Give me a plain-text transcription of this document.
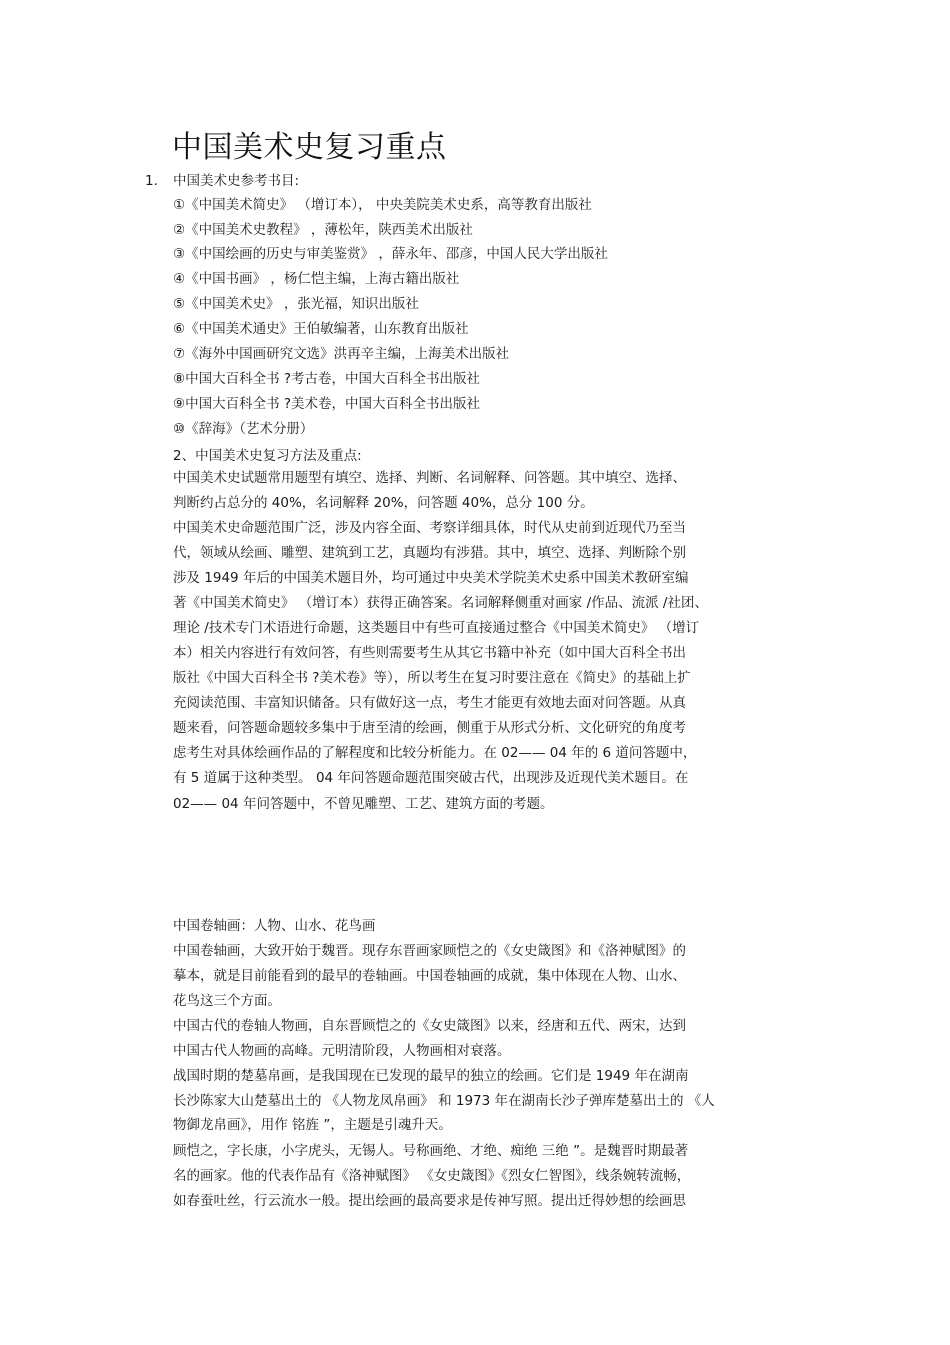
中国美术史复习重点
1. 中国美术史参考书目:
①《中国美术简史》 （增订本）， 中央美院美术史系，高等教育出版社
②《中国美术史教程》 ，薄松年，陕西美术出版社
③《中国绘画的历史与审美鉴赏》 ，薛永年、邵彦，中国人民大学出版社
④《中国书画》 ，杨仁恺主编，上海古籍出版社
⑤《中国美术史》 ，张光福，知识出版社
⑥《中国美术通史》王伯敏编著，山东教育出版社
⑦《海外中国画研究文选》洪再辛主编，上海美术出版社
⑧中国大百科全书 ?考古卷，中国大百科全书出版社
⑨中国大百科全书 ?美术卷，中国大百科全书出版社
⑩《辞海》（艺术分册）
2、中国美术史复习方法及重点:
中国美术史试题常用题型有填空、选择、判断、名词解释、问答题。其中填空、选择、
判断约占总分的 40%，名词解释 20%，问答题 40%，总分 100 分。
中国美术史命题范围广泛，涉及内容全面、考察详细具体，时代从史前到近现代乃至当
代，领域从绘画、雕塑、建筑到工艺，真题均有涉猎。其中，填空、选择、判断除个别
涉及 1949 年后的中国美术题目外，均可通过中央美术学院美术史系中国美术教研室编
著《中国美术简史》 （增订本）获得正确答案。名词解释侧重对画家 /作品、流派 /社团、
理论 /技术专门术语进行命题，这类题目中有些可直接通过整合《中国美术简史》 （增订
本）相关内容进行有效问答，有些则需要考生从其它书籍中补充（如中国大百科全书出
版社《中国大百科全书 ?美术卷》等），所以考生在复习时要注意在《简史》的基础上扩
充阅读范围、丰富知识储备。只有做好这一点，考生才能更有效地去面对问答题。从真
题来看，问答题命题较多集中于唐至清的绘画，侧重于从形式分析、文化研究的角度考
虑考生对具体绘画作品的了解程度和比较分析能力。在 02—— 04 年的 6 道问答题中，
有 5 道属于这种类型。 04 年问答题命题范围突破古代，出现涉及近现代美术题目。在
02—— 04 年问答题中，不曾见雕塑、工艺、建筑方面的考题。
中国卷轴画：人物、山水、花鸟画
中国卷轴画，大致开始于魏晋。现存东晋画家顾恺之的《女史箴图》和《洛神赋图》的
摹本，就是目前能看到的最早的卷轴画。中国卷轴画的成就，集中体现在人物、山水、
花鸟这三个方面。
中国古代的卷轴人物画，自东晋顾恺之的《女史箴图》以来，经唐和五代、两宋，达到
中国古代人物画的高峰。元明清阶段，人物画相对衰落。
战国时期的楚墓帛画，是我国现在已发现的最早的独立的绘画。它们是 1949 年在湖南
长沙陈家大山楚墓出土的 《人物龙凤帛画》 和 1973 年在湖南长沙子弹库楚墓出土的 《人
物御龙帛画》，用作 铭旌 ”，主题是引魂升天。
顾恺之，字长康，小字虎头，无锡人。号称画绝、才绝、痴绝 三绝 ”。是魏晋时期最著
名的画家。他的代表作品有《洛神赋图》 《女史箴图》《烈女仁智图》，线条婉转流畅，
如春蚕吐丝，行云流水一般。提出绘画的最高要求是传神写照。提出迁得妙想的绘画思
